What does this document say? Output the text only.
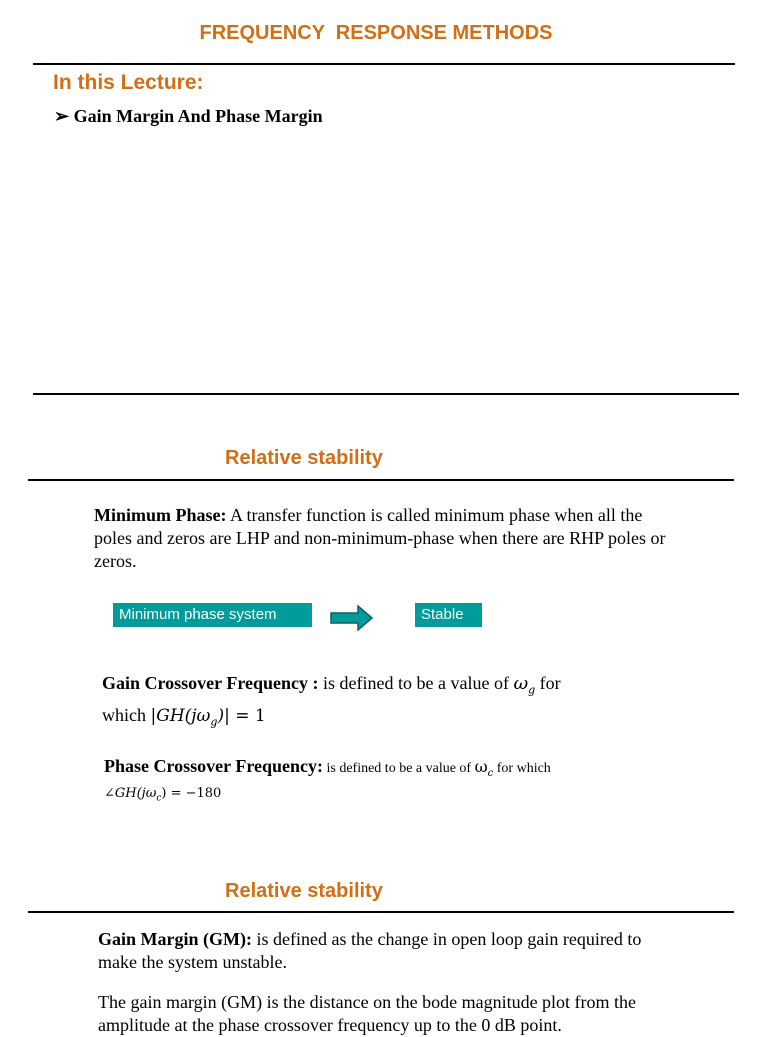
FREQUENCY  RESPONSE METHODS
In this Lecture:
➢ Gain Margin And Phase Margin
Relative stability
Minimum Phase: A transfer function is called minimum phase when all the poles and zeros are LHP and non-minimum-phase when there are RHP poles or zeros.
Minimum phase system	Stable
Gain Crossover Frequency : is defined to be a value of $\omega_g$ for
which $|GH(j\omega_g)| = 1$
Phase Crossover Frequency: is defined to be a value of $\omega_c$ for which
$\angle GH(j\omega_c) = -180$
Relative stability
Gain Margin (GM): is defined as the change in open loop gain required to make the system unstable.
The gain margin (GM) is the distance on the bode magnitude plot from the amplitude at the phase crossover frequency up to the 0 dB point.
